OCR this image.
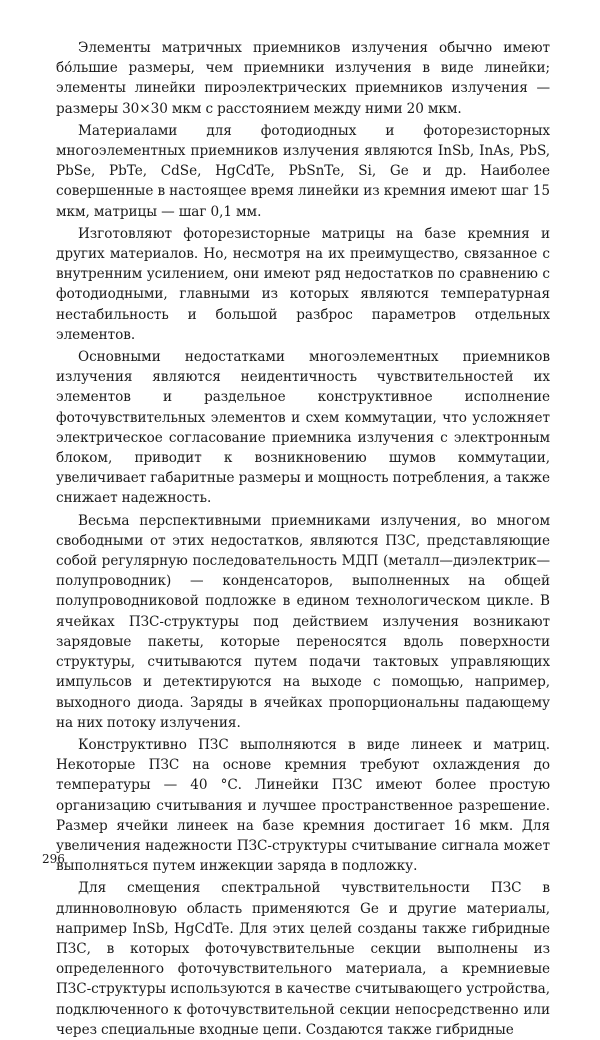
Элементы матричных приемников излучения обычно имеют бо́льшие размеры, чем приемники излучения в виде линейки; элементы линейки пироэлектрических приемников излучения — размеры 30×30 мкм с расстоянием между ними 20 мкм.

Материалами для фотодиодных и фоторезисторных многоэлементных приемников излучения являются InSb, InAs, PbS, PbSe, PbTe, CdSe, HgCdTe, PbSnTe, Si, Ge и др. Наиболее совершенные в настоящее время линейки из кремния имеют шаг 15 мкм, матрицы — шаг 0,1 мм.

Изготовляют фоторезисторные матрицы на базе кремния и других материалов. Но, несмотря на их преимущество, связанное с внутренним усилением, они имеют ряд недостатков по сравнению с фотодиодными, главными из которых являются температурная нестабильность и большой разброс параметров отдельных элементов.

Основными недостатками многоэлементных приемников излучения являются неидентичность чувствительностей их элементов и раздельное конструктивное исполнение фоточувствительных элементов и схем коммутации, что усложняет электрическое согласование приемника излучения с электронным блоком, приводит к возникновению шумов коммутации, увеличивает габаритные размеры и мощность потребления, а также снижает надежность.

Весьма перспективными приемниками излучения, во многом свободными от этих недостатков, являются ПЗС, представляющие собой регулярную последовательность МДП (металл—диэлектрик—полупроводник) — конденсаторов, выполненных на общей полупроводниковой подложке в едином технологическом цикле. В ячейках ПЗС-структуры под действием излучения возникают зарядовые пакеты, которые переносятся вдоль поверхности структуры, считываются путем подачи тактовых управляющих импульсов и детектируются на выходе с помощью, например, выходного диода. Заряды в ячейках пропорциональны падающему на них потоку излучения.

Конструктивно ПЗС выполняются в виде линеек и матриц. Некоторые ПЗС на основе кремния требуют охлаждения до температуры — 40 °С. Линейки ПЗС имеют более простую организацию считывания и лучшее пространственное разрешение. Размер ячейки линеек на базе кремния достигает 16 мкм. Для увеличения надежности ПЗС-структуры считывание сигнала может выполняться путем инжекции заряда в подложку.

Для смещения спектральной чувствительности ПЗС в длинноволновую область применяются Ge и другие материалы, например InSb, HgCdTe. Для этих целей созданы также гибридные ПЗС, в которых фоточувствительные секции выполнены из определенного фоточувствительного материала, а кремниевые ПЗС-структуры используются в качестве считывающего устройства, подключенного к фоточувствительной секции непосредственно или через специальные входные цепи. Создаются также гибридные

296
